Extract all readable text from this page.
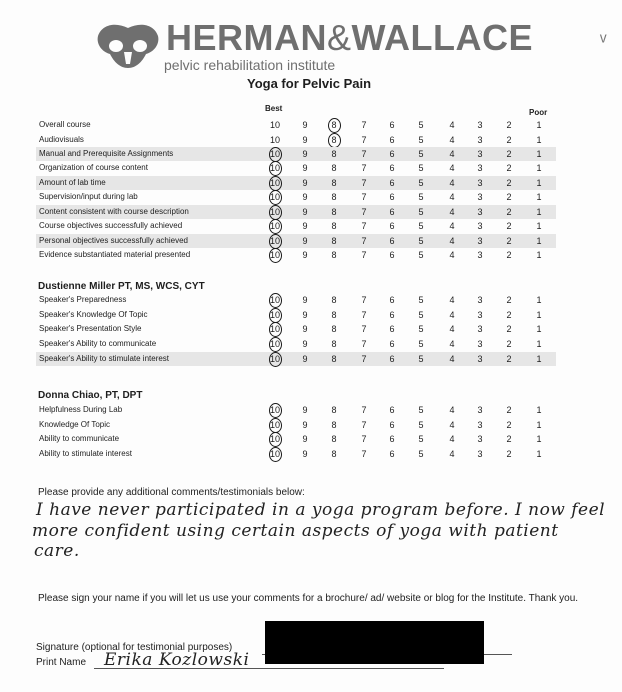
HERMAN&WALLACE
pelvic rehabilitation institute
Yoga for Pelvic Pain
ᵥ
Best	Poor
Overall course	10	9	8	7	6	5	4	3	2	1
Audiovisuals	10	9	8	7	6	5	4	3	2	1
Manual and Prerequisite Assignments	10	9	8	7	6	5	4	3	2	1
Organization of course content	10	9	8	7	6	5	4	3	2	1
Amount of lab time	10	9	8	7	6	5	4	3	2	1
Supervision/input during lab	10	9	8	7	6	5	4	3	2	1
Content consistent with course description	10	9	8	7	6	5	4	3	2	1
Course objectives successfully achieved	10	9	8	7	6	5	4	3	2	1
Personal objectives successfully achieved	10	9	8	7	6	5	4	3	2	1
Evidence substantiated material presented	10	9	8	7	6	5	4	3	2	1
Dustienne Miller PT, MS, WCS, CYT
Speaker's Preparedness	10	9	8	7	6	5	4	3	2	1
Speaker's Knowledge Of Topic	10	9	8	7	6	5	4	3	2	1
Speaker's Presentation Style	10	9	8	7	6	5	4	3	2	1
Speaker's Ability to communicate	10	9	8	7	6	5	4	3	2	1
Speaker's Ability to stimulate interest	10	9	8	7	6	5	4	3	2	1
Donna Chiao, PT, DPT
Helpfulness During Lab	10	9	8	7	6	5	4	3	2	1
Knowledge Of Topic	10	9	8	7	6	5	4	3	2	1
Ability to communicate	10	9	8	7	6	5	4	3	2	1
Ability to stimulate interest	10	9	8	7	6	5	4	3	2	1
Please provide any additional comments/testimonials below:
I have never participated in a yoga program before. I now feel
more confident using certain aspects of yoga with patient
care.
Please sign your name if you will let us use your comments for a brochure/ ad/ website or blog for the Institute. Thank you.
Signature (optional for testimonial purposes)
Print Name Erika Kozlowski
